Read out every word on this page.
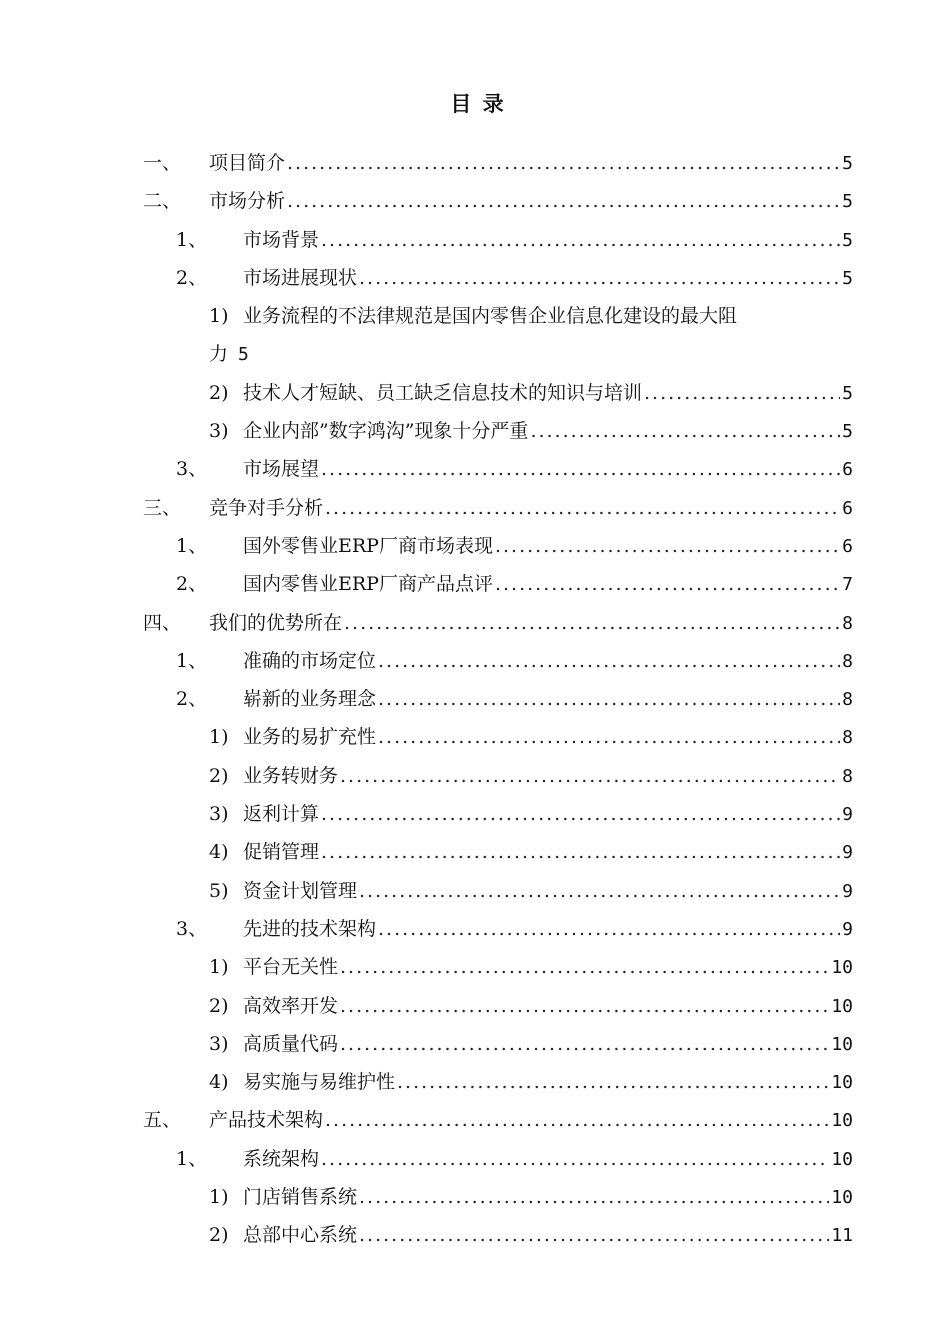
目 录
一、	项目简介 .....	5
二、	市场分析 .....	5
1、	市场背景 .....	5
2、	市场进展现状 .....	5
1) 业务流程的不法律规范是国内零售企业信息化建设的最大阻
力 5
2) 技术人才短缺、员工缺乏信息技术的知识与培训 .....	5
3) 企业内部”数字鸿沟”现象十分严重 .....	5
3、	市场展望 .....	6
三、	竞争对手分析 .....	6
1、	国外零售业ERP厂商市场表现 .....	6
2、	国内零售业ERP厂商产品点评 .....	7
四、	我们的优势所在 .....	8
1、	准确的市场定位 .....	8
2、	崭新的业务理念 .....	8
1) 业务的易扩充性 .....	8
2) 业务转财务 .....	8
3) 返利计算 .....	9
4) 促销管理 .....	9
5) 资金计划管理 .....	9
3、	先进的技术架构 .....	9
1) 平台无关性 .....	10
2) 高效率开发 .....	10
3) 高质量代码 .....	10
4) 易实施与易维护性 .....	10
五、	产品技术架构 .....	10
1、	系统架构 .....	10
1) 门店销售系统 .....	10
2) 总部中心系统 .....	11
